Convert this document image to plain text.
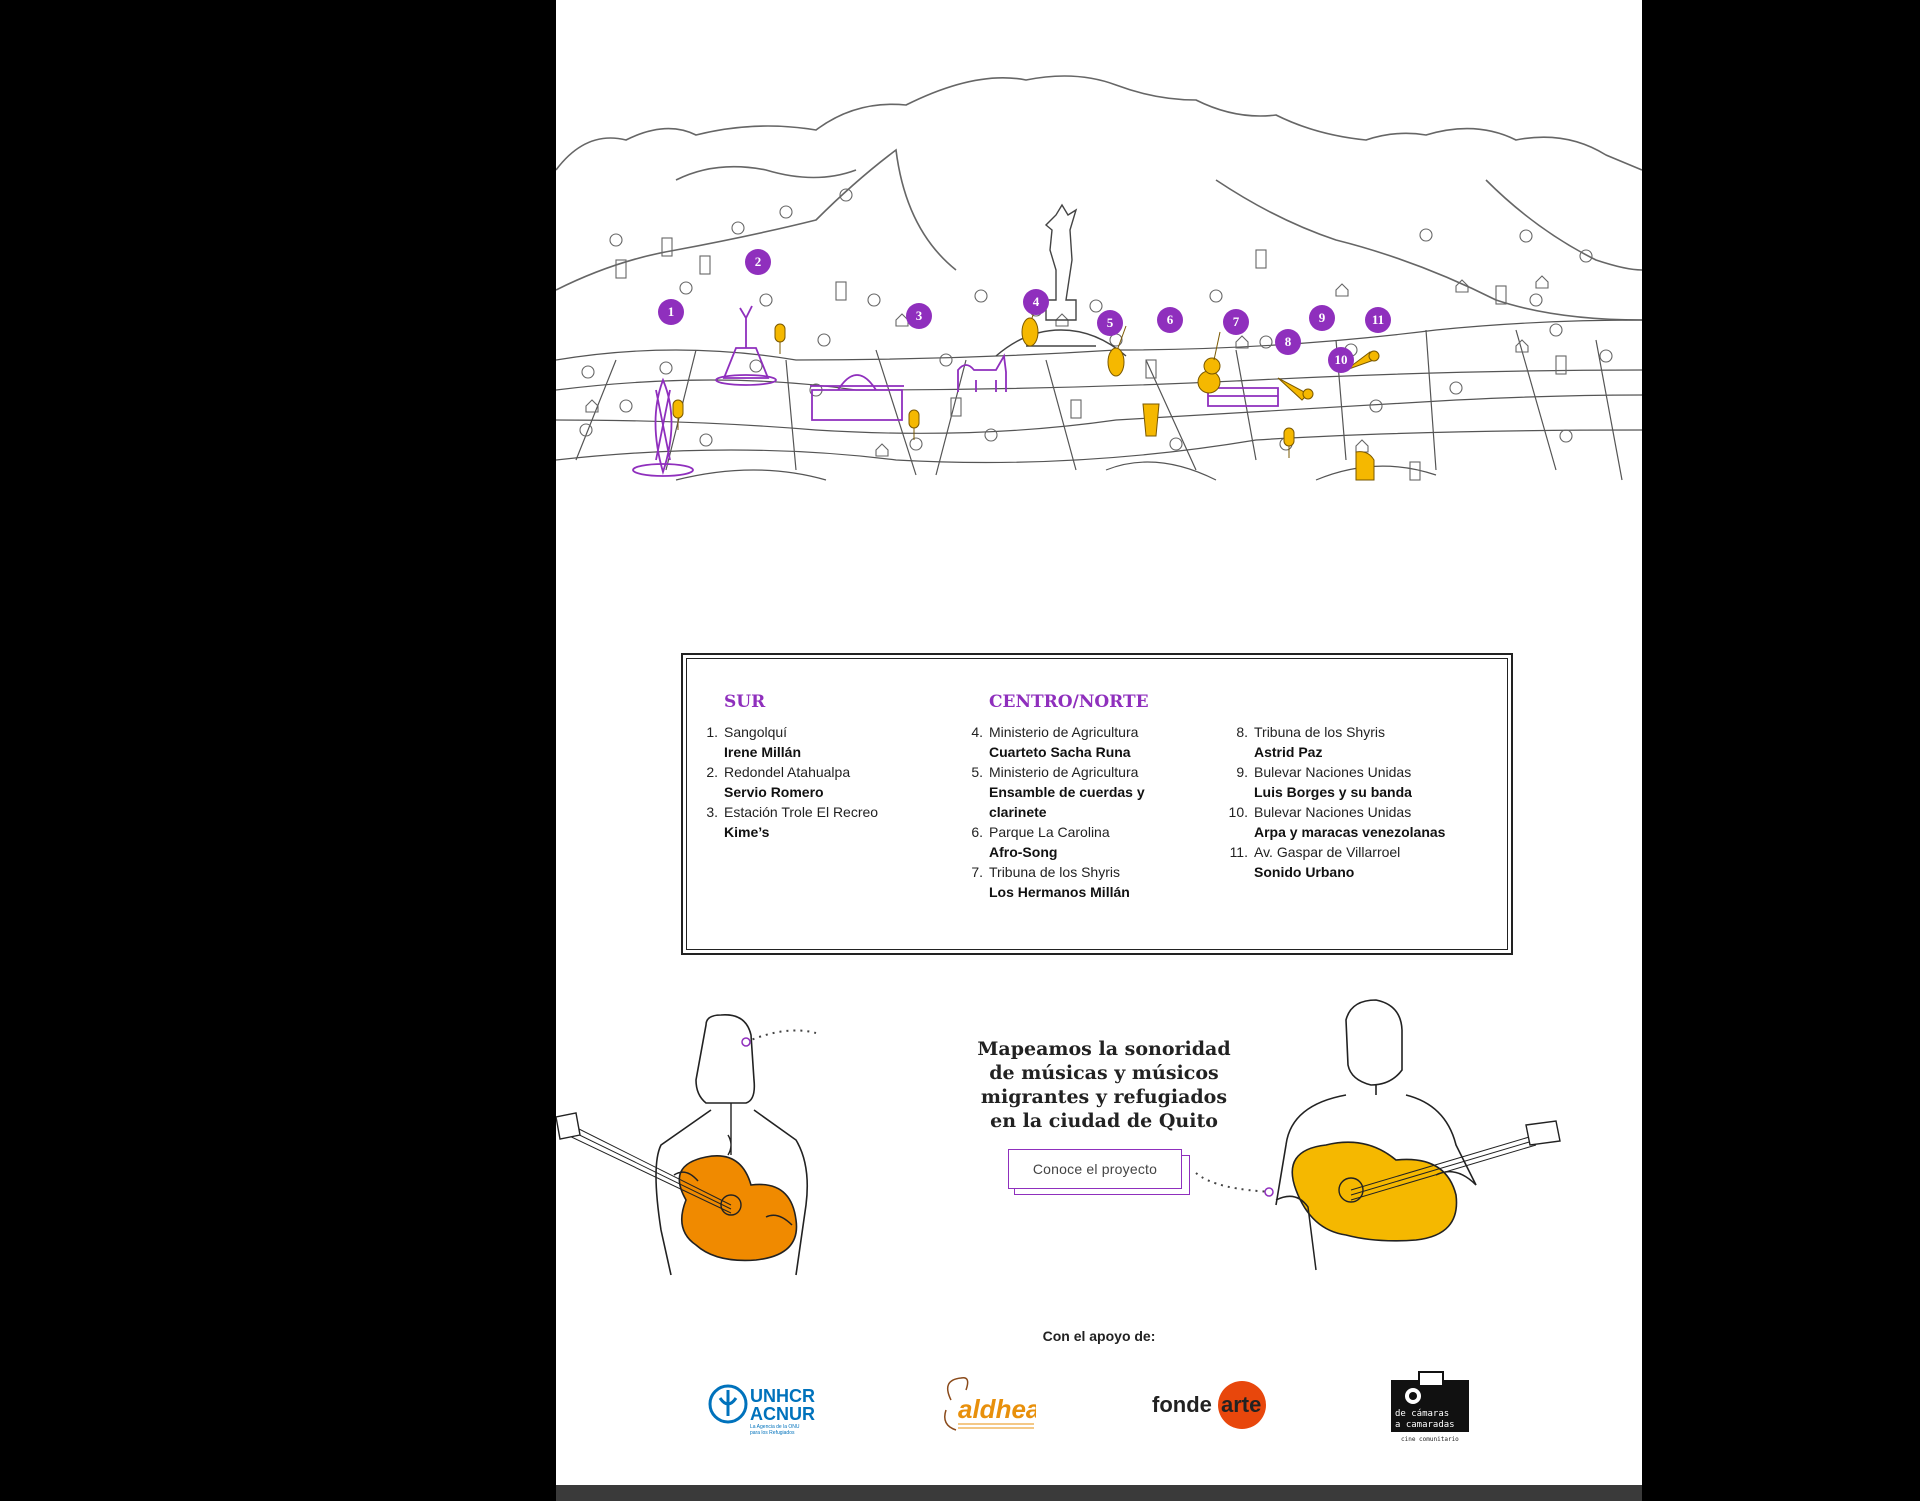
1
2
3
4
5	6	7
8
9
10
11
SUR
1. Sangolquí
Irene Millán
2. Redondel Atahualpa
Servio Romero
3. Estación Trole El Recreo
Kime’s
CENTRO/NORTE
4. Ministerio de Agricultura
Cuarteto Sacha Runa
5. Ministerio de Agricultura
Ensamble de cuerdas y clarinete
6. Parque La Carolina
Afro-Song
7. Tribuna de los Shyris
Los Hermanos Millán
8. Tribuna de los Shyris
Astrid Paz
9. Bulevar Naciones Unidas
Luis Borges y su banda
10. Bulevar Naciones Unidas
Arpa y maracas venezolanas
11. Av. Gaspar de Villarroel
Sonido Urbano
Mapeamos la sonoridad
de músicas y músicos
migrantes y refugiados
en la ciudad de Quito
Conoce el proyecto
Con el apoyo de:
UNHCR
ACNUR
La Agencia de la ONU
para los Refugiados
aldhea	fonde arte	de cámaras
a camaradas
cine comunitario
